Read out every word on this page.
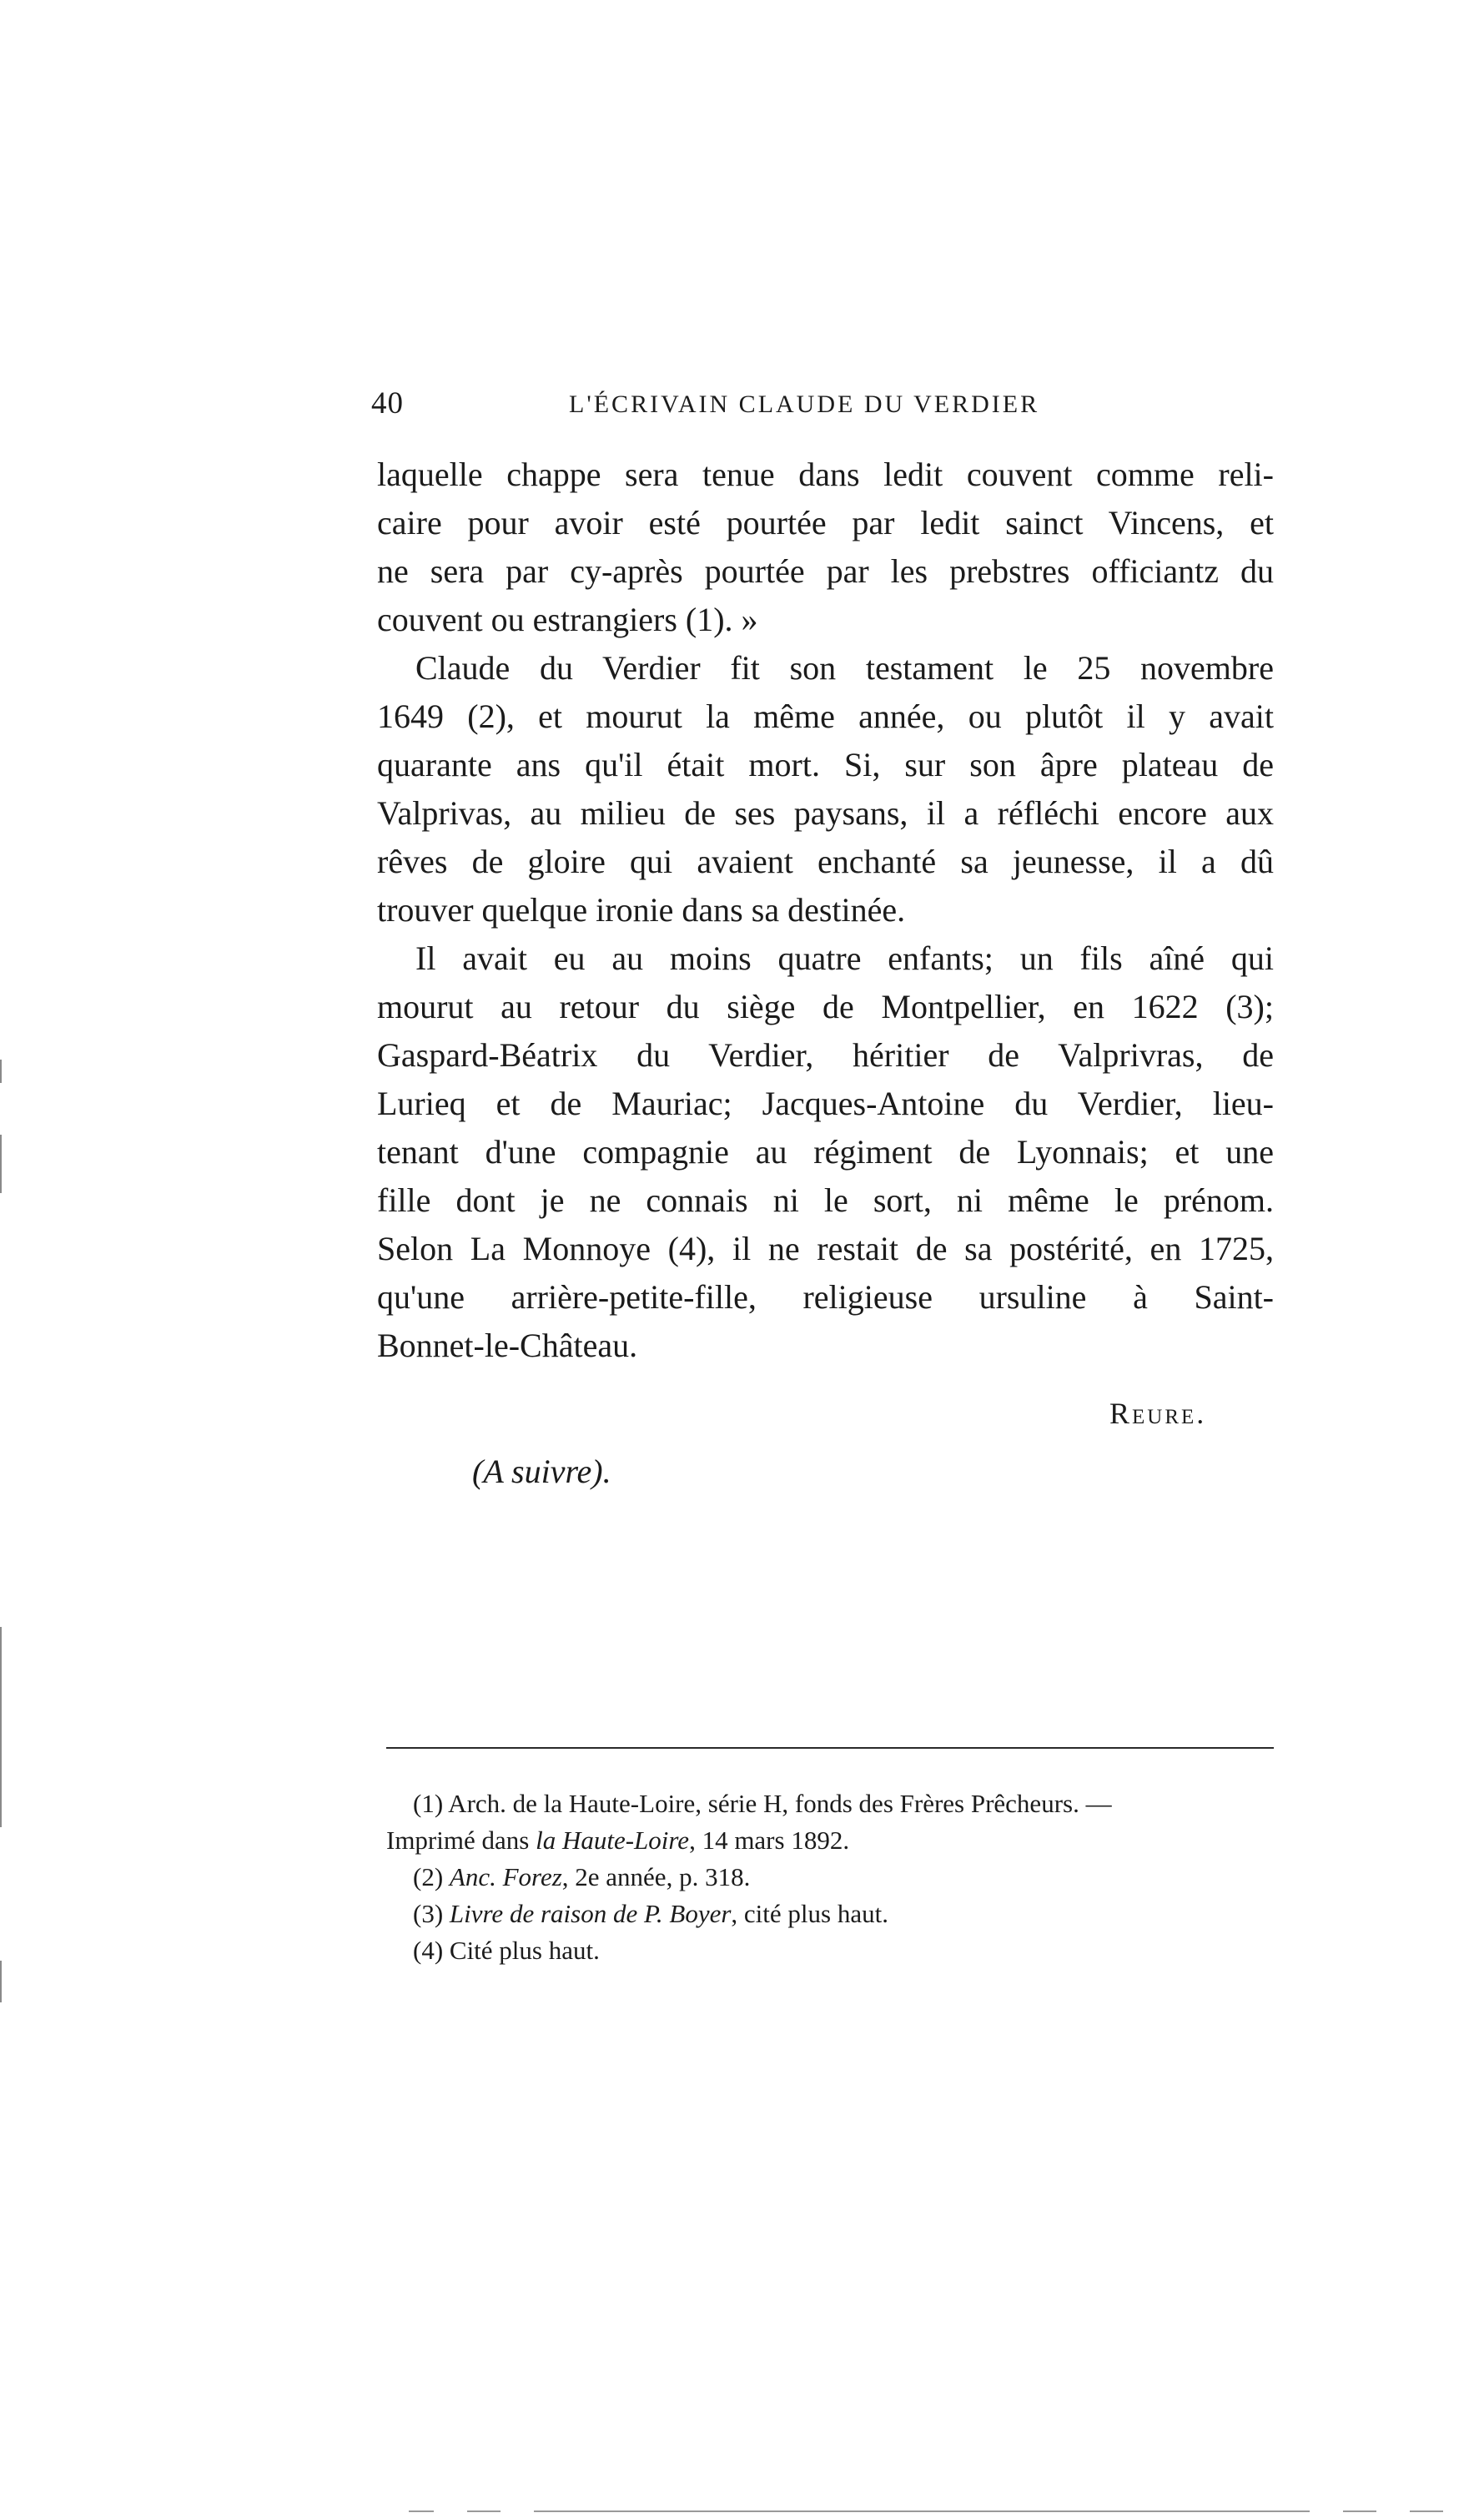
40	L'ÉCRIVAIN CLAUDE DU VERDIER
laquelle chappe sera tenue dans ledit couvent comme reli-
caire pour avoir esté pourtée par ledit sainct Vincens, et
ne sera par cy-après pourtée par les prebstres officiantz du
couvent ou estrangiers (1). »
Claude du Verdier fit son testament le 25 novembre
1649 (2), et mourut la même année, ou plutôt il y avait
quarante ans qu'il était mort. Si, sur son âpre plateau de
Valprivas, au milieu de ses paysans, il a réfléchi encore aux
rêves de gloire qui avaient enchanté sa jeunesse, il a dû
trouver quelque ironie dans sa destinée.
Il avait eu au moins quatre enfants; un fils aîné qui
mourut au retour du siège de Montpellier, en 1622 (3);
Gaspard-Béatrix du Verdier, héritier de Valprivras, de
Lurieq et de Mauriac; Jacques-Antoine du Verdier, lieu-
tenant d'une compagnie au régiment de Lyonnais; et une
fille dont je ne connais ni le sort, ni même le prénom.
Selon La Monnoye (4), il ne restait de sa postérité, en 1725,
qu'une arrière-petite-fille, religieuse ursuline à Saint-
Bonnet-le-Château.
Reure.
(A suivre).
(1) Arch. de la Haute-Loire, série H, fonds des Frères Prêcheurs. —
Imprimé dans la Haute-Loire, 14 mars 1892.
(2) Anc. Forez, 2e année, p. 318.
(3) Livre de raison de P. Boyer, cité plus haut.
(4) Cité plus haut.
